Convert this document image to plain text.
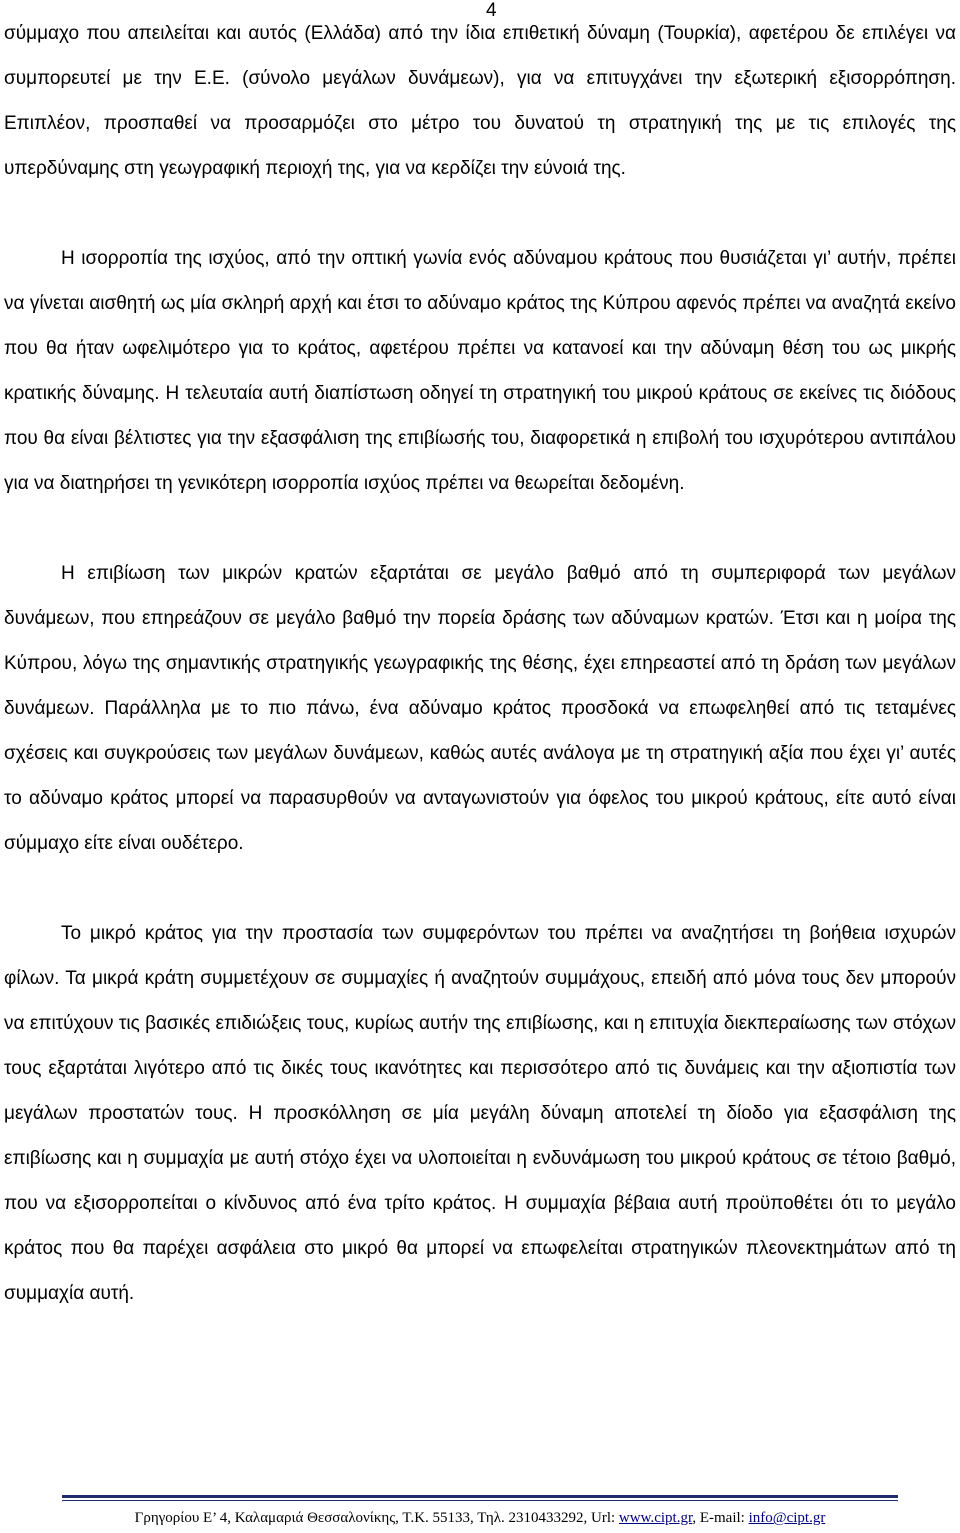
4

σύμμαχο που απειλείται και αυτός (Ελλάδα) από την ίδια επιθετική δύναμη (Τουρκία), αφετέρου δε επιλέγει να συμπορευτεί με την Ε.Ε. (σύνολο μεγάλων δυνάμεων), για να επιτυγχάνει την εξωτερική εξισορρόπηση. Επιπλέον, προσπαθεί να προσαρμόζει στο μέτρο του δυνατού τη στρατηγική της με τις επιλογές της υπερδύναμης στη γεωγραφική περιοχή της, για να κερδίζει την εύνοιά της.

Η ισορροπία της ισχύος, από την οπτική γωνία ενός αδύναμου κράτους που θυσιάζεται γι’ αυτήν, πρέπει να γίνεται αισθητή ως μία σκληρή αρχή και έτσι το αδύναμο κράτος της Κύπρου αφενός πρέπει να αναζητά εκείνο που θα ήταν ωφελιμότερο για το κράτος, αφετέρου πρέπει να κατανοεί και την αδύναμη θέση του ως μικρής κρατικής δύναμης. Η τελευταία αυτή διαπίστωση οδηγεί τη στρατηγική του μικρού κράτους σε εκείνες τις διόδους που θα είναι βέλτιστες για την εξασφάλιση της επιβίωσής του, διαφορετικά η επιβολή του ισχυρότερου αντιπάλου για να διατηρήσει τη γενικότερη ισορροπία ισχύος πρέπει να θεωρείται δεδομένη.

Η επιβίωση των μικρών κρατών εξαρτάται σε μεγάλο βαθμό από τη συμπεριφορά των μεγάλων δυνάμεων, που επηρεάζουν σε μεγάλο βαθμό την πορεία δράσης των αδύναμων κρατών. Έτσι και η μοίρα της Κύπρου, λόγω της σημαντικής στρατηγικής γεωγραφικής της θέσης, έχει επηρεαστεί από τη δράση των μεγάλων δυνάμεων. Παράλληλα με το πιο πάνω, ένα αδύναμο κράτος προσδοκά να επωφεληθεί από τις τεταμένες σχέσεις και συγκρούσεις των μεγάλων δυνάμεων, καθώς αυτές ανάλογα με τη στρατηγική αξία που έχει γι’ αυτές το αδύναμο κράτος μπορεί να παρασυρθούν να ανταγωνιστούν για όφελος του μικρού κράτους, είτε αυτό είναι σύμμαχο είτε είναι ουδέτερο.

Το μικρό κράτος για την προστασία των συμφερόντων του πρέπει να αναζητήσει τη βοήθεια ισχυρών φίλων. Τα μικρά κράτη συμμετέχουν σε συμμαχίες ή αναζητούν συμμάχους, επειδή από μόνα τους δεν μπορούν να επιτύχουν τις βασικές επιδιώξεις τους, κυρίως αυτήν της επιβίωσης, και η επιτυχία διεκπεραίωσης των στόχων τους εξαρτάται λιγότερο από τις δικές τους ικανότητες και περισσότερο από τις δυνάμεις και την αξιοπιστία των μεγάλων προστατών τους. Η προσκόλληση σε μία μεγάλη δύναμη αποτελεί τη δίοδο για εξασφάλιση της επιβίωσης και η συμμαχία με αυτή στόχο έχει να υλοποιείται η ενδυνάμωση του μικρού κράτους σε τέτοιο βαθμό, που να εξισορροπείται ο κίνδυνος από ένα τρίτο κράτος. Η συμμαχία βέβαια αυτή προϋποθέτει ότι το μεγάλο κράτος που θα παρέχει ασφάλεια στο μικρό θα μπορεί να επωφελείται στρατηγικών πλεονεκτημάτων από τη συμμαχία αυτή.

Γρηγορίου Ε’ 4, Καλαμαριά Θεσσαλονίκης, Τ.Κ. 55133, Τηλ. 2310433292, Url: www.cipt.gr, E-mail: info@cipt.gr
